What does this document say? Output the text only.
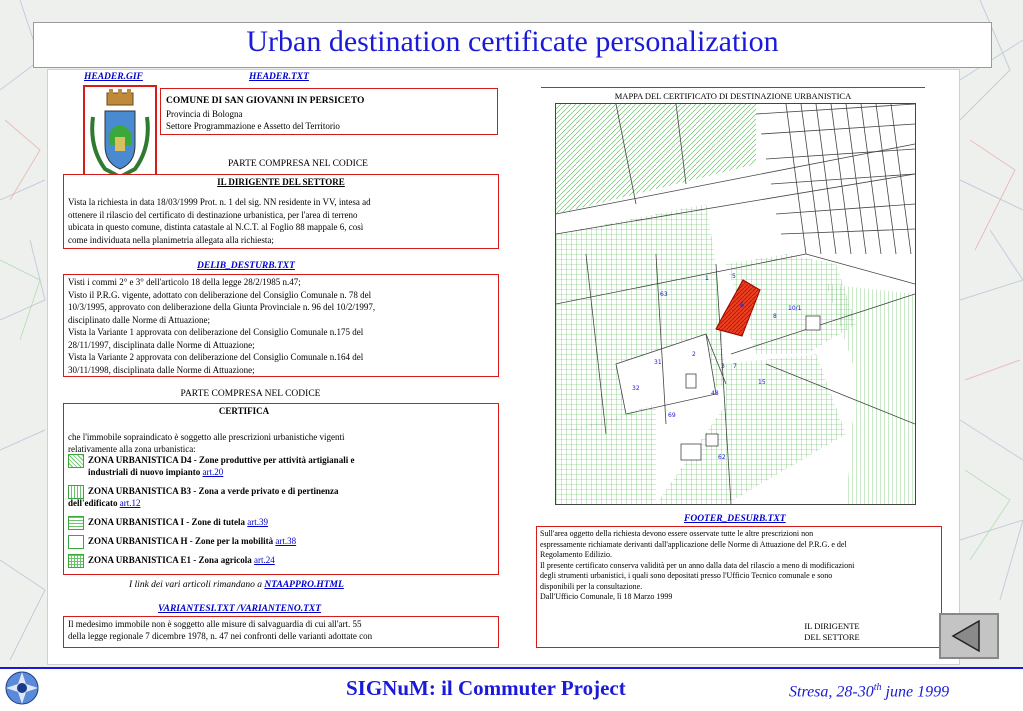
Urban destination certificate personalization
HEADER.GIF	HEADER.TXT
COMUNE DI SAN GIOVANNI IN PERSICETO
Provincia di Bologna
Settore Programmazione e Assetto del Territorio
PARTE COMPRESA NEL CODICE
IL DIRIGENTE DEL SETTORE
Vista la richiesta in data 18/03/1999 Prot. n. 1 del sig. NN residente in VV, intesa ad
ottenere il rilascio del certificato di destinazione urbanistica, per l'area di terreno
ubicata in questo comune, distinta catastale al N.C.T. al Foglio 88 mappale 6, così
come individuata nella planimetria allegata alla richiesta;
DELIB_DESTURB.TXT
Visti i commi 2° e 3° dell'articolo 18 della legge 28/2/1985 n.47;
Visto il P.R.G. vigente, adottato con deliberazione del Consiglio Comunale n. 78 del
10/3/1995, approvato con deliberazione della Giunta Provinciale n. 96 del 10/2/1997,
disciplinato dalle Norme di Attuazione;
Vista la Variante 1 approvata con deliberazione del Consiglio Comunale n.175 del
28/11/1997, disciplinata dalle Norme di Attuazione;
Vista la Variante 2 approvata con deliberazione del Consiglio Comunale n.164 del
30/11/1998, disciplinata dalle Norme di Attuazione;
PARTE COMPRESA NEL CODICE
CERTIFICA
che l'immobile sopraindicato è soggetto alle prescrizioni urbanistiche vigenti
relativamente alla zona urbanistica:
ZONA URBANISTICA D4 - Zone produttive per attività artigianali e
industriali di nuovo impianto art.20
ZONA URBANISTICA B3 - Zona a verde privato e di pertinenza
dell'edificato art.12
ZONA URBANISTICA I - Zone di tutela art.39
ZONA URBANISTICA H - Zone per la mobilità art.38
ZONA URBANISTICA E1 - Zona agricola art.24
I link dei vari articoli rimandano a NTAAPPRO.HTML
VARIANTESI.TXT /VARIANTENO.TXT
Il medesimo immobile non è soggetto alle misure di salvaguardia di cui all'art. 55
della legge regionale 7 dicembre 1978, n. 47 nei confronti delle varianti adottate con
MAPPA DEL CERTIFICATO DI DESTINAZIONE URBANISTICA
1	5
6
8
63
31
32
2
3 7
15
48
69
62
10/1
FOOTER_DESURB.TXT
Sull'area oggetto della richiesta devono essere osservate tutte le altre prescrizioni non
espressamente richiamate derivanti dall'applicazione delle Norme di Attuazione del P.R.G. e del
Regolamento Edilizio.
Il presente certificato conserva validità per un anno dalla data del rilascio a meno di modificazioni
degli strumenti urbanistici, i quali sono depositati presso l'Ufficio Tecnico comunale e sono
disponibili per la consultazione.
Dall'Ufficio Comunale, lì 18 Marzo 1999
IL DIRIGENTE
DEL SETTORE
SIGNuM: il Commuter Project	Stresa, 28-30th june 1999
